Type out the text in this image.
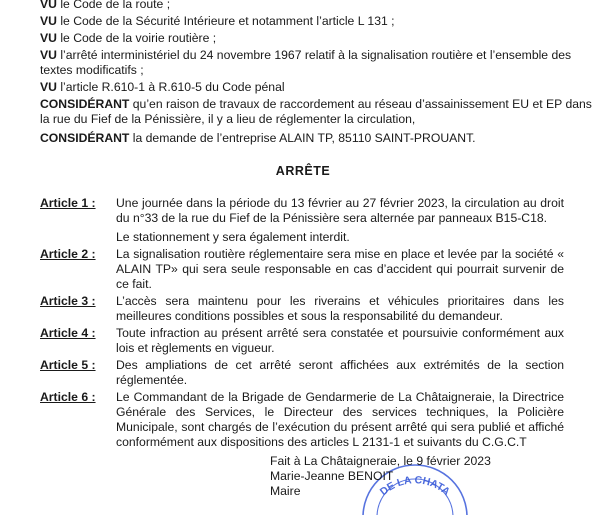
VU le Code de la route ;

VU le Code de la Sécurité Intérieure et notamment l’article L 131 ;

VU le Code de la voirie routière ;

VU l’arrêté interministériel du 24 novembre 1967 relatif à la signalisation routière et l’ensemble des textes modificatifs ;

VU l’article R.610-1 à R.610-5 du Code pénal

CONSIDÉRANT qu’en raison de travaux de raccordement au réseau d’assainissement EU et EP dans la rue du Fief de la Pénissière, il y a lieu de réglementer la circulation,

CONSIDÉRANT la demande de l’entreprise ALAIN TP, 85110 SAINT-PROUANT.

ARRÊTE
Article 1 :	Une journée dans la période du 13 février au 27 février 2023, la circulation au droit du n°33 de la rue du Fief de la Pénissière sera alternée par panneaux B15-C18.

Le stationnement y sera également interdit.

Article 2 :	La signalisation routière réglementaire sera mise en place et levée par la société « ALAIN TP» qui sera seule responsable en cas d’accident qui pourrait survenir de ce fait.

Article 3 :	L’accès sera maintenu pour les riverains et véhicules prioritaires dans les meilleures conditions possibles et sous la responsabilité du demandeur.

Article 4 :	Toute infraction au présent arrêté sera constatée et poursuivie conformément aux lois et règlements en vigueur.

Article 5 :	Des ampliations de cet arrêté seront affichées aux extrémités de la section réglementée.

Article 6 :	Le Commandant de la Brigade de Gendarmerie de La Châtaigneraie, la Directrice Générale des Services, le Directeur des services techniques, la Policière Municipale, sont chargés de l’exécution du présent arrêté qui sera publié et affiché conformément aux dispositions des articles L 2131-1 et suivants du C.G.C.T

DE LA CHATA

Fait à La Châtaigneraie, le 9 février 2023

Marie-Jeanne BENOIT

Maire
